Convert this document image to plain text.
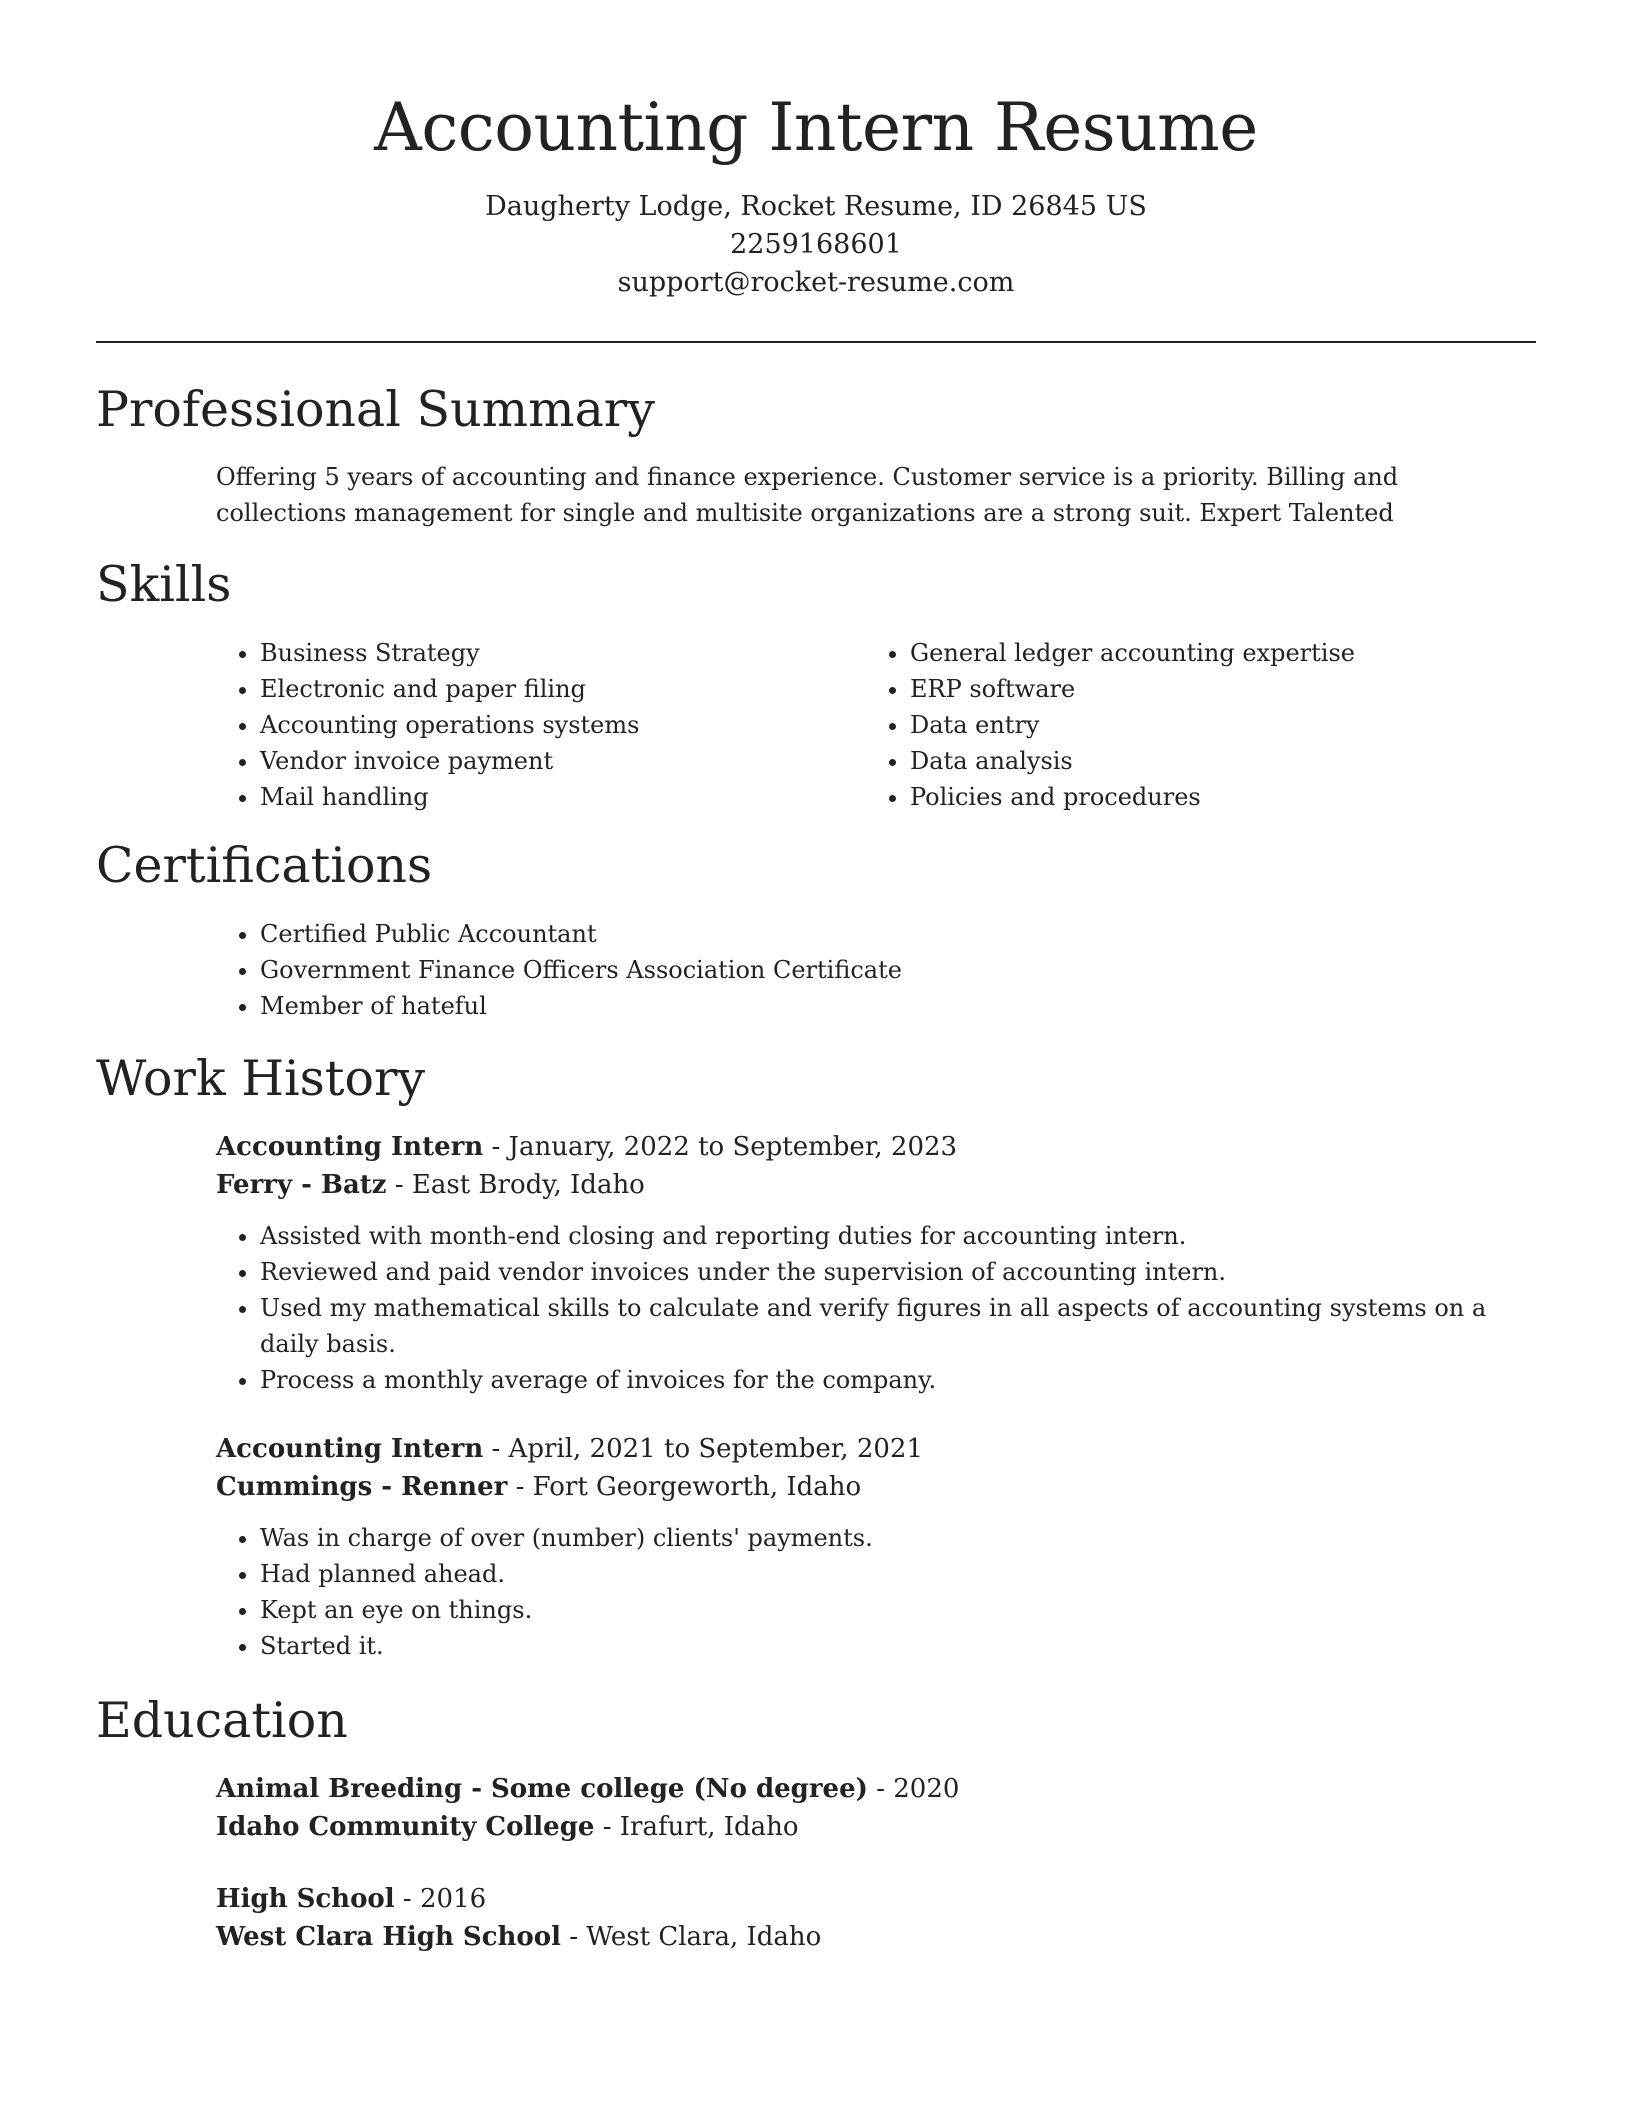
Accounting Intern Resume
Daugherty Lodge, Rocket Resume, ID 26845 US
2259168601
support@rocket-resume.com
Professional Summary

Offering 5 years of accounting and finance experience. Customer service is a priority. Billing and collections management for single and multisite organizations are a strong suit. Expert Talented

Skills
• Business Strategy
• Electronic and paper filing
• Accounting operations systems
• Vendor invoice payment
• Mail handling
• General ledger accounting expertise
• ERP software
• Data entry
• Data analysis
• Policies and procedures
Certifications
• Certified Public Accountant
• Government Finance Officers Association Certificate
• Member of hateful
Work History
Accounting Intern - January, 2022 to September, 2023
Ferry - Batz - East Brody, Idaho
• Assisted with month-end closing and reporting duties for accounting intern.
• Reviewed and paid vendor invoices under the supervision of accounting intern.
• Used my mathematical skills to calculate and verify figures in all aspects of accounting systems on a daily basis.
• Process a monthly average of invoices for the company.
Accounting Intern - April, 2021 to September, 2021
Cummings - Renner - Fort Georgeworth, Idaho
• Was in charge of over (number) clients' payments.
• Had planned ahead.
• Kept an eye on things.
• Started it.
Education
Animal Breeding - Some college (No degree) - 2020
Idaho Community College - Irafurt, Idaho
High School - 2016
West Clara High School - West Clara, Idaho
